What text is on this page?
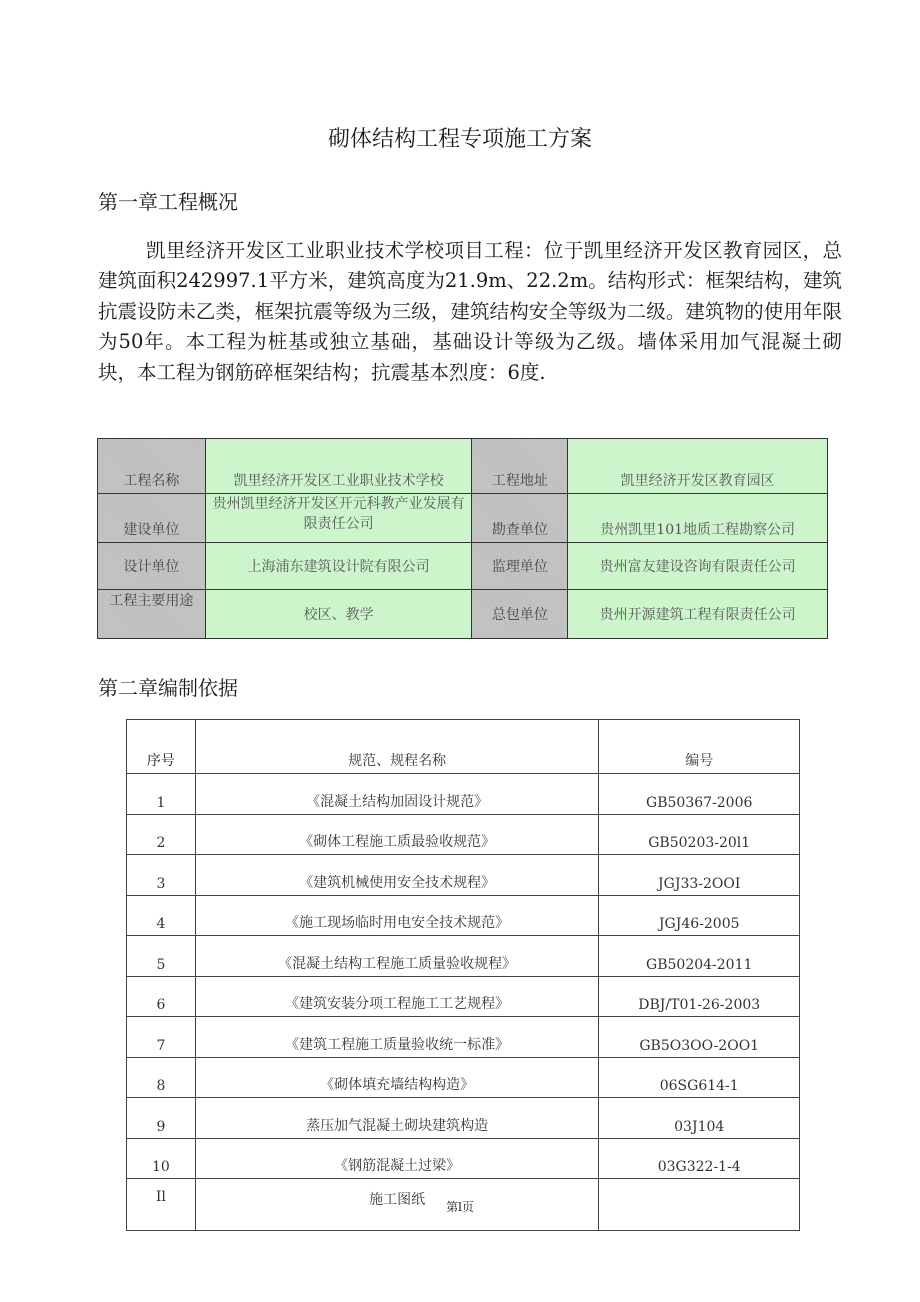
砌体结构工程专项施工方案
第一章工程概况

凯里经济开发区工业职业技术学校项目工程：位于凯里经济开发区教育园区，总建筑面积242997.1平方米，建筑高度为21.9m、22.2m。结构形式：框架结构，建筑抗震设防未乙类，框架抗震等级为三级，建筑结构安全等级为二级。建筑物的使用年限为50年。本工程为桩基或独立基础，基础设计等级为乙级。墙体采用加气混凝土砌块，本工程为钢筋碎框架结构；抗震基本烈度：6度.

工程名称	凯里经济开发区工业职业技术学校	工程地址	凯里经济开发区教育园区
建设单位	贵州凯里经济开发区开元科教产业发展有限责任公司	勘查单位	贵州凯里101地质工程勘察公司
设计单位	上海浦东建筑设计院有限公司	监理单位	贵州富友建设咨询有限责任公司
工程主要用途	校区、教学	总包单位	贵州开源建筑工程有限责任公司
第二章编制依据
序号	规范、规程名称	编号
1	《混凝土结构加固设计规范》	GB50367-2006
2	《砌体工程施工质最验收规范》	GB50203-20l1
3	《建筑机械使用安全技术规程》	JGJ33-2OOI
4	《施工现场临时用电安全技术规范》	JGJ46-2005
5	《混凝土结构工程施工质量验收规程》	GB50204-2011
6	《建筑安装分项工程施工工艺规程》	DBJ/T01-26-2003
7	《建筑工程施工质量验收统一标准》	GB5O3OO-2OO1
8	《砌体填充墙结构构造》	06SG614-1
9	蒸压加气混凝土砌块建筑构造	03J104
10	《钢筋混凝土过梁》	03G322-1-4
Il	施工图纸		第l页
